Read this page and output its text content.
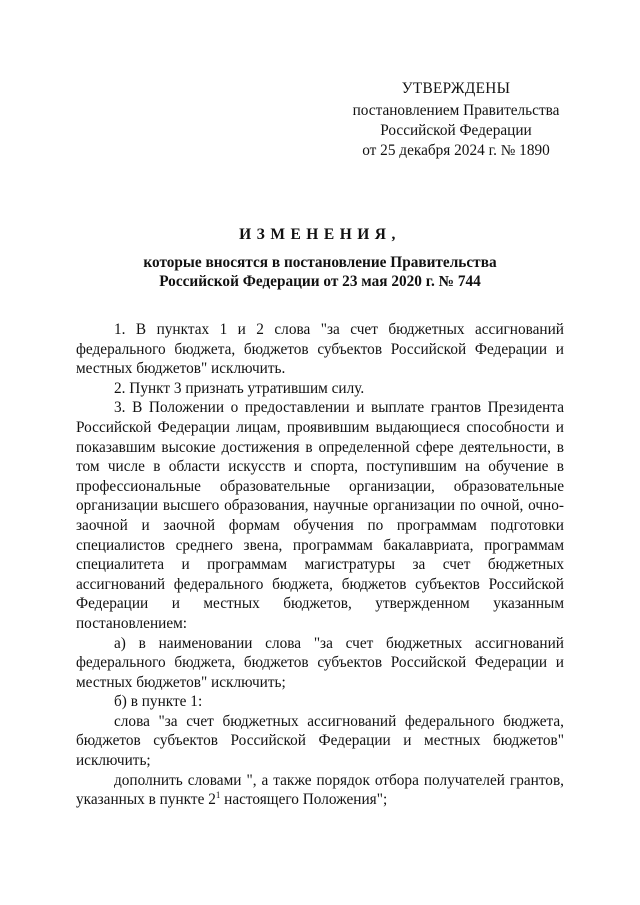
УТВЕРЖДЕНЫ
постановлением Правительства
Российской Федерации
от 25 декабря 2024 г. № 1890
ИЗМЕНЕНИЯ,
которые вносятся в постановление Правительства
Российской Федерации от 23 мая 2020 г. № 744

1. В пунктах 1 и 2 слова "за счет бюджетных ассигнований федерального бюджета, бюджетов субъектов Российской Федерации и местных бюджетов" исключить.

2. Пункт 3 признать утратившим силу.

3. В Положении о предоставлении и выплате грантов Президента Российской Федерации лицам, проявившим выдающиеся способности и показавшим высокие достижения в определенной сфере деятельности, в том числе в области искусств и спорта, поступившим на обучение в профессиональные образовательные организации, образовательные организации высшего образования, научные организации по очной, очно-заочной и заочной формам обучения по программам подготовки специалистов среднего звена, программам бакалавриата, программам специалитета и программам магистратуры за счет бюджетных ассигнований федерального бюджета, бюджетов субъектов Российской Федерации и местных бюджетов, утвержденном указанным постановлением:

а) в наименовании слова "за счет бюджетных ассигнований федерального бюджета, бюджетов субъектов Российской Федерации и местных бюджетов" исключить;

б) в пункте 1:

слова "за счет бюджетных ассигнований федерального бюджета, бюджетов субъектов Российской Федерации и местных бюджетов" исключить;

дополнить словами ", а также порядок отбора получателей грантов, указанных в пункте $2^1$ настоящего Положения";
